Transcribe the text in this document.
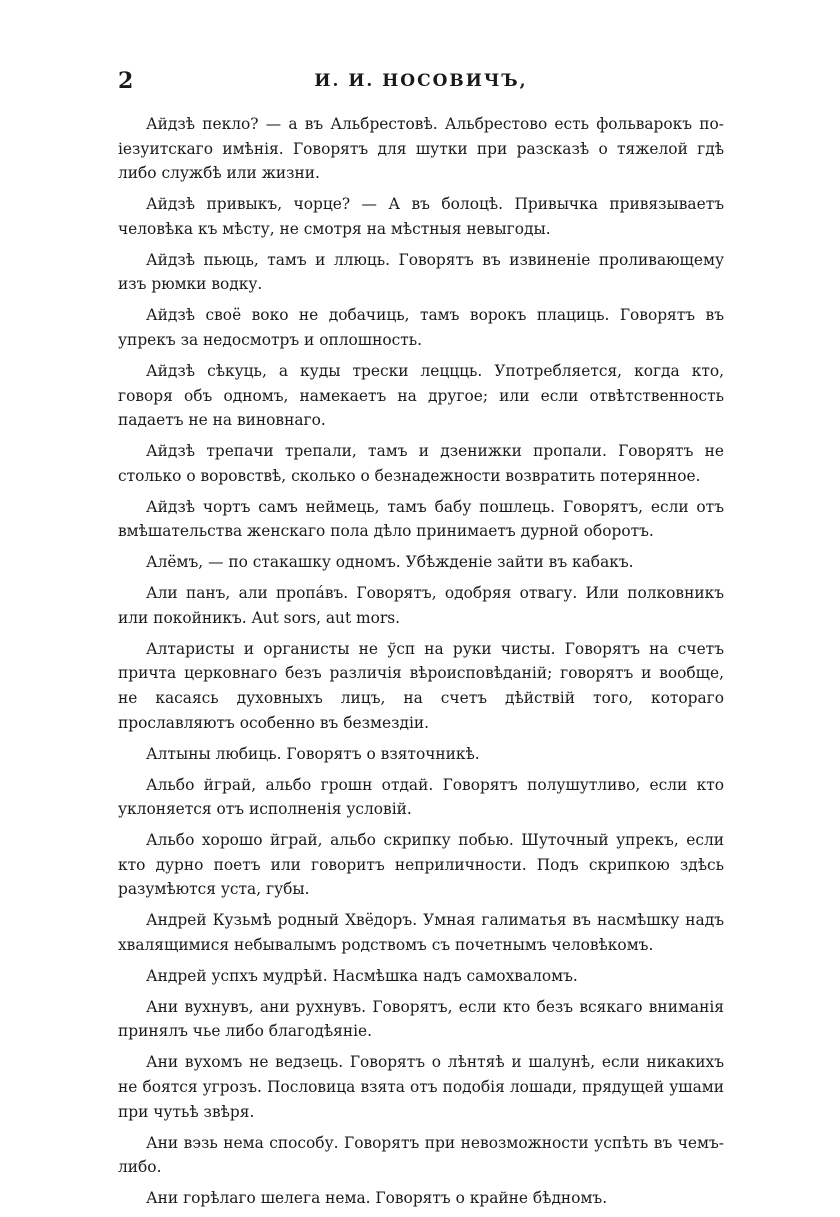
2	И. И. НОСОВИЧЪ,

Айдзѣ пекло? — а въ Альбрестовѣ. Альбрестово есть фольварокъ по-iезуитскаго имѣнiя. Говорятъ для шутки при разсказѣ о тяжелой гдѣ либо службѣ или жизни.

Айдзѣ привыкъ, чорце? — А въ болоцѣ. Привычка привязываетъ человѣка къ мѣсту, не смотря на мѣстныя невыгоды.

Айдзѣ пьюць, тамъ и ллюць. Говорятъ въ извиненiе проливающему изъ рюмки водку.

Айдзѣ своё воко не добачиць, тамъ ворокъ плациць. Говорятъ въ упрекъ за недосмотръ и оплошность.

Айдзѣ сѣкуць, а куды трески леццць. Употребляется, когда кто, говоря объ одномъ, намекаетъ на другое; или если отвѣтственность падаетъ не на виновнаго.

Айдзѣ трепачи трепали, тамъ и дзенижки пропали. Говорятъ не столько о воровствѣ, сколько о безнадежности возвратить потерянное.

Айдзѣ чортъ самъ неймець, тамъ бабу пошлець. Говорятъ, если отъ вмѣшательства женскаго пола дѣло принимаетъ дурной оборотъ.

Алёмъ, — по стакашку одномъ. Убѣжденiе зайти въ кабакъ.

Али панъ, али пропáвъ. Говорятъ, одобряя отвагу. Или полковникъ или покойникъ. Aut sors, aut mors.

Алтаристы и органисты не ўсп на руки чисты. Говорятъ на счетъ причта церковнаго безъ различiя вѣроисповѣданiй; говорятъ и вообще, не касаясь духовныхъ лицъ, на счетъ дѣйствiй того, котораго прославляютъ особенно въ безмездiи.

Алтыны любиць. Говорятъ о взяточникѣ.

Альбо йграй, альбо грошн отдай. Говорятъ полушутливо, если кто уклоняется отъ исполненiя условiй.

Альбо хорошо йграй, альбо скрипку побью. Шуточный упрекъ, если кто дурно поетъ или говоритъ неприличности. Подъ скрипкою здѣсь разумѣются уста, губы.

Андрей Кузьмѣ родный Хвёдоръ. Умная галиматья въ насмѣшку надъ хвалящимися небывалымъ родствомъ съ почетнымъ человѣкомъ.

Андрей успхъ мудрѣй. Насмѣшка надъ самохваломъ.

Ани вухнувъ, ани рухнувъ. Говорятъ, если кто безъ всякаго вниманiя принялъ чье либо благодѣянiе.

Ани вухомъ не ведзець. Говорятъ о лѣнтяѣ и шалунѣ, если никакихъ не боятся угрозъ. Пословица взята отъ подобiя лошади, прядущей ушами при чутьѣ звѣря.

Ани вэзь нема способу. Говорятъ при невозможности успѣть въ чемъ-либо.

Ани горѣлаго шелега нема. Говорятъ о крайне бѣдномъ.
